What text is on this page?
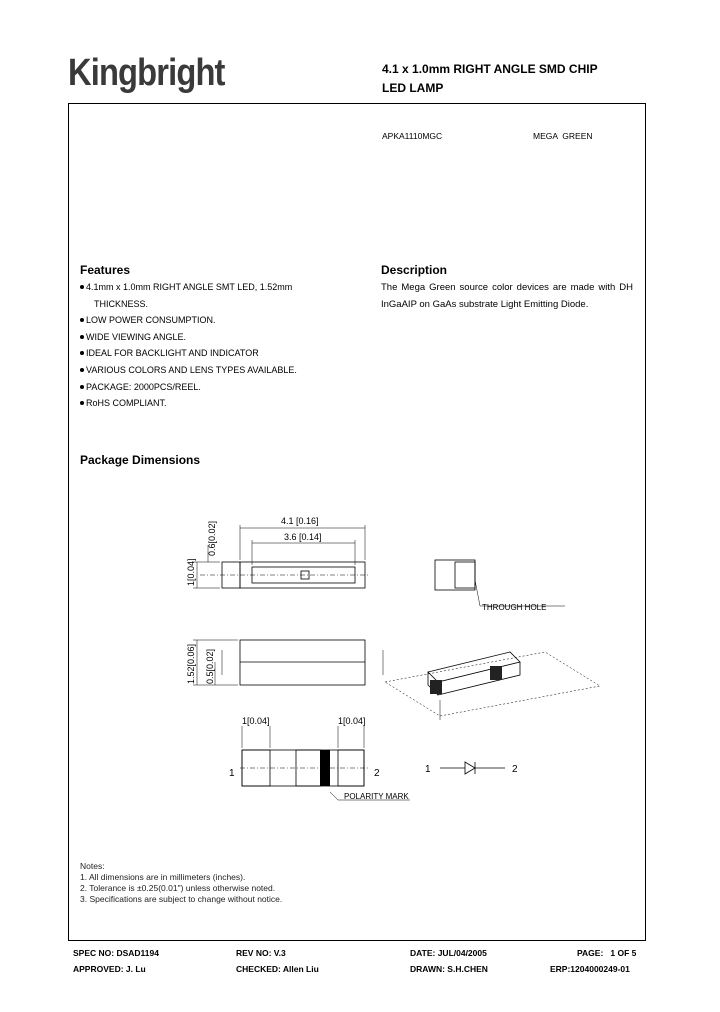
Kingbright	4.1 x 1.0mm RIGHT ANGLE SMD CHIP
LED LAMP
APKA1110MGC	MEGA  GREEN
Features
4.1mm x 1.0mm RIGHT ANGLE SMT LED, 1.52mm
THICKNESS.
LOW POWER CONSUMPTION.
WIDE VIEWING ANGLE.
IDEAL FOR BACKLIGHT AND INDICATOR
VARIOUS COLORS AND LENS TYPES AVAILABLE.
PACKAGE: 2000PCS/REEL.
RoHS COMPLIANT.
Description
The Mega Green source color devices are made with DH InGaAIP on GaAs substrate Light Emitting Diode.
Package Dimensions
4.1 [0.16]
3.6 [0.14]
0.6[0.02]
1[0.04]
1.52[0.06] 0.5[0.02]
1[0.04]	1[0.04]
1	2
THROUGH HOLE
POLARITY MARK
1	2
Notes:
1. All dimensions are in millimeters (inches).
2. Tolerance is ±0.25(0.01") unless otherwise noted.
3. Specifications are subject to change without notice.
SPEC NO: DSAD1194	REV NO: V.3	DATE: JUL/04/2005	PAGE:   1 OF 5
APPROVED: J. Lu	CHECKED: Allen Liu	DRAWN: S.H.CHEN	ERP:1204000249-01
